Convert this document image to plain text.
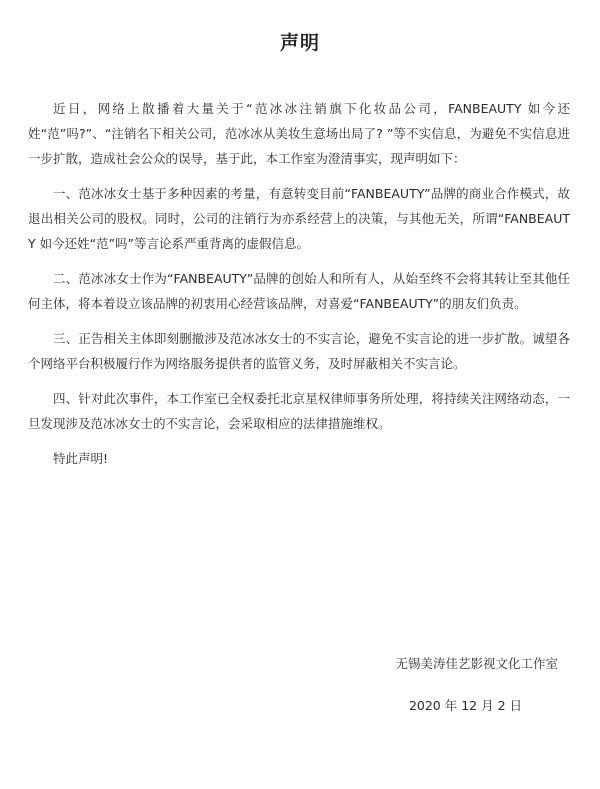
声明

近日，网络上散播着大量关于“范冰冰注销旗下化妆品公司，FANBEAUTY 如今还姓“范”吗?”、“注销名下相关公司，范冰冰从美妆生意场出局了? ”等不实信息，为避免不实信息进一步扩散，造成社会公众的误导，基于此，本工作室为澄清事实，现声明如下：

一、范冰冰女士基于多种因素的考量，有意转变目前“FANBEAUTY”品牌的商业合作模式，故退出相关公司的股权。同时，公司的注销行为亦系经营上的决策，与其他无关，所谓“FANBEAUTY 如今还姓“范”吗”等言论系严重背离的虚假信息。

二、范冰冰女士作为“FANBEAUTY”品牌的创始人和所有人，从始至终不会将其转让至其他任何主体，将本着设立该品牌的初衷用心经营该品牌，对喜爱“FANBEAUTY”的朋友们负责。

三、正告相关主体即刻删撤涉及范冰冰女士的不实言论，避免不实言论的进一步扩散。诚望各个网络平台积极履行作为网络服务提供者的监管义务，及时屏蔽相关不实言论。

四、针对此次事件，本工作室已全权委托北京星权律师事务所处理，将持续关注网络动态，一旦发现涉及范冰冰女士的不实言论，会采取相应的法律措施维权。

特此声明!

无锡美涛佳艺影视文化工作室
2020 年 12 月 2 日
